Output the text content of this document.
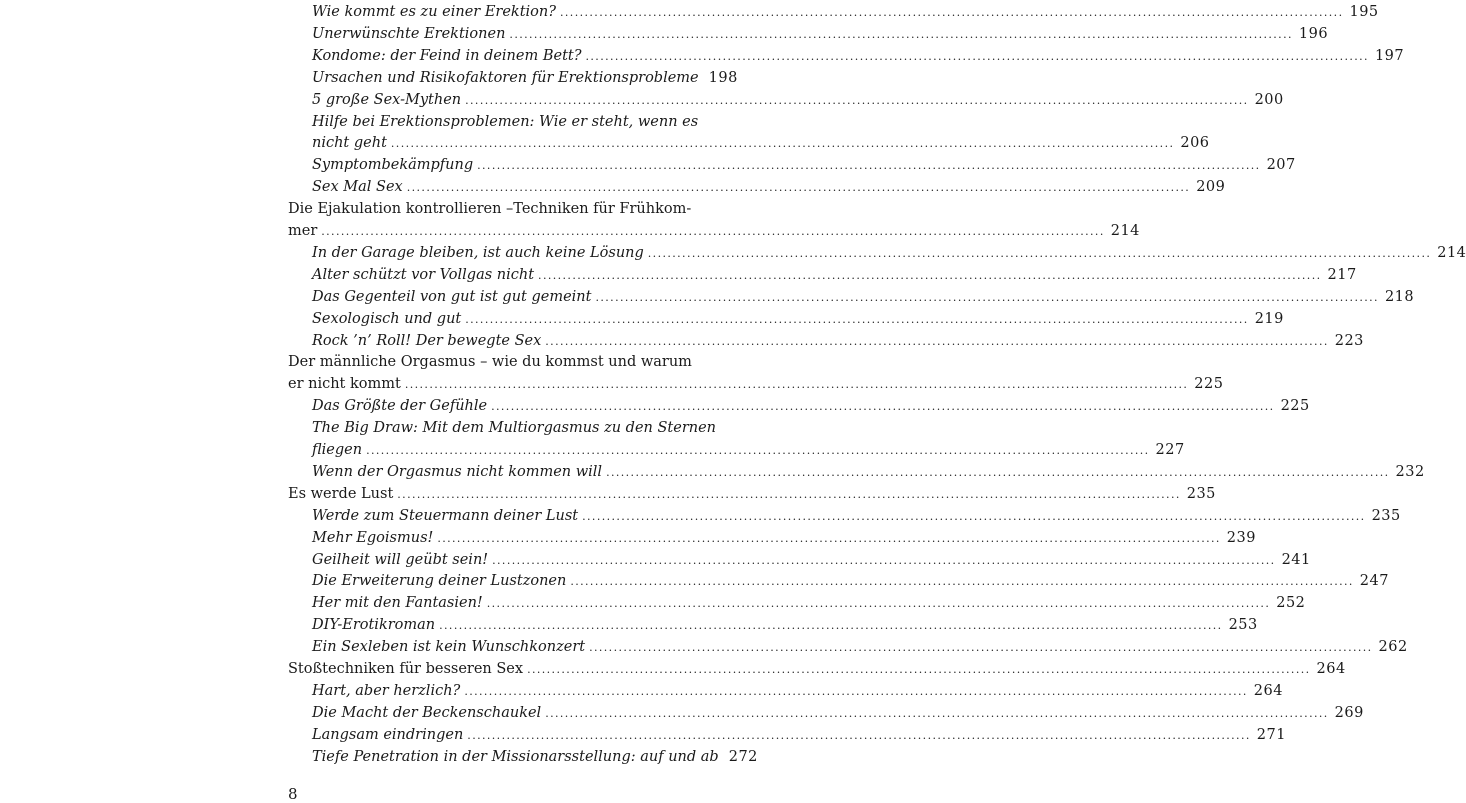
Wie kommt es zu einer Erektion? ................................................................................................................................................................ 195
Unerwünschte Erektionen ................................................................................................................................................................ 196
Kondome: der Feind in deinem Bett? ................................................................................................................................................................ 197
Ursachen und Risikofaktoren für Erektionsprobleme 198
5 große Sex-Mythen ................................................................................................................................................................ 200
Hilfe bei Erektionsproblemen: Wie er steht, wenn es
nicht geht ................................................................................................................................................................ 206
Symptombekämpfung ................................................................................................................................................................ 207
Sex Mal Sex ................................................................................................................................................................ 209
Die Ejakulation kontrollieren –Techniken für Frühkom-
mer ................................................................................................................................................................ 214
In der Garage bleiben, ist auch keine Lösung ................................................................................................................................................................ 214
Alter schützt vor Vollgas nicht ................................................................................................................................................................ 217
Das Gegenteil von gut ist gut gemeint ................................................................................................................................................................ 218
Sexologisch und gut ................................................................................................................................................................ 219
Rock ’n’ Roll! Der bewegte Sex ................................................................................................................................................................ 223
Der männliche Orgasmus – wie du kommst und warum
er nicht kommt ................................................................................................................................................................ 225
Das Größte der Gefühle ................................................................................................................................................................ 225
The Big Draw: Mit dem Multiorgasmus zu den Sternen
fliegen ................................................................................................................................................................ 227
Wenn der Orgasmus nicht kommen will ................................................................................................................................................................ 232
Es werde Lust ................................................................................................................................................................ 235
Werde zum Steuermann deiner Lust ................................................................................................................................................................ 235
Mehr Egoismus! ................................................................................................................................................................ 239
Geilheit will geübt sein! ................................................................................................................................................................ 241
Die Erweiterung deiner Lustzonen ................................................................................................................................................................ 247
Her mit den Fantasien! ................................................................................................................................................................ 252
DIY-Erotikroman ................................................................................................................................................................ 253
Ein Sexleben ist kein Wunschkonzert ................................................................................................................................................................ 262
Stoßtechniken für besseren Sex ................................................................................................................................................................ 264
Hart, aber herzlich? ................................................................................................................................................................ 264
Die Macht der Beckenschaukel ................................................................................................................................................................ 269
Langsam eindringen ................................................................................................................................................................ 271
Tiefe Penetration in der Missionarsstellung: auf und ab 272
8
